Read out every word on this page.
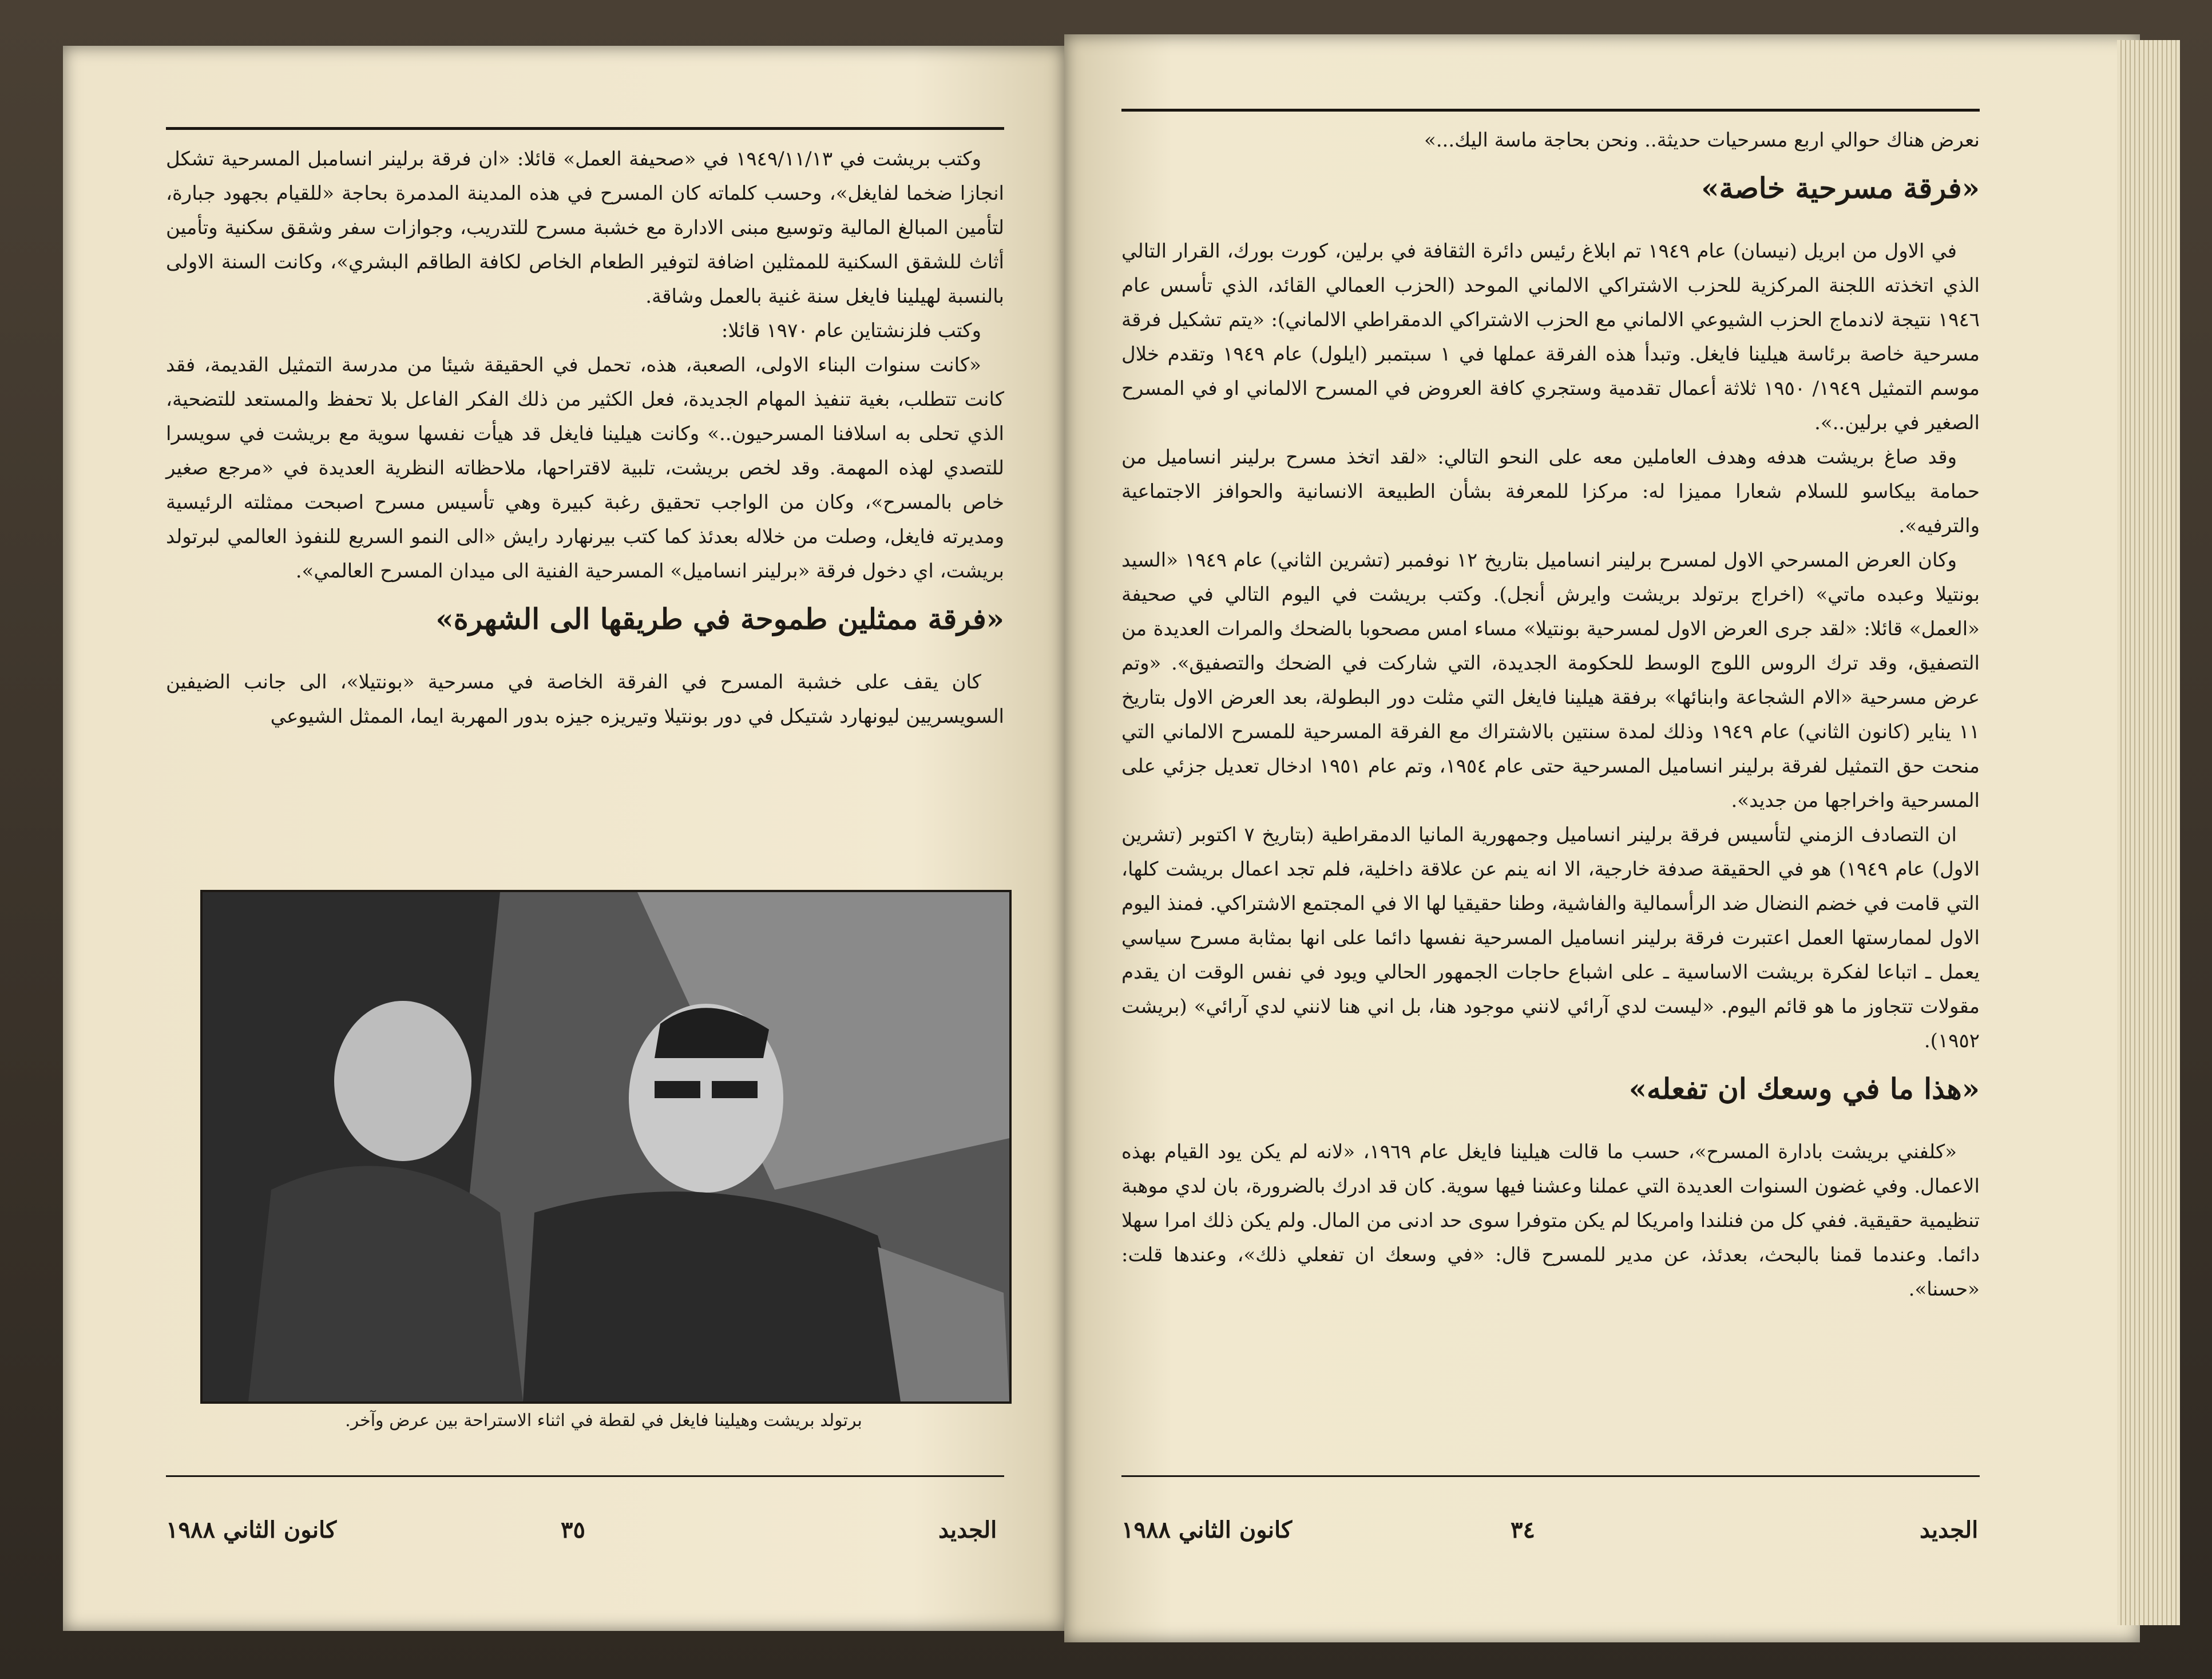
وكتب بريشت في ١٩٤٩/١١/١٣ في «صحيفة العمل» قائلا: «ان فرقة برلينر انسامبل المسرحية تشكل انجازا ضخما لفايغل»، وحسب كلماته كان المسرح في هذه المدينة المدمرة بحاجة «للقيام بجهود جبارة، لتأمين المبالغ المالية وتوسيع مبنى الادارة مع خشبة مسرح للتدريب، وجوازات سفر وشقق سكنية وتأمين أثاث للشقق السكنية للممثلين اضافة لتوفير الطعام الخاص لكافة الطاقم البشري»، وكانت السنة الاولى بالنسبة لهيلينا فايغل سنة غنية بالعمل وشاقة.

وكتب فلزنشتاين عام ١٩٧٠ قائلا:

«كانت سنوات البناء الاولى، الصعبة، هذه، تحمل في الحقيقة شيئا من مدرسة التمثيل القديمة، فقد كانت تتطلب، بغية تنفيذ المهام الجديدة، فعل الكثير من ذلك الفكر الفاعل بلا تحفظ والمستعد للتضحية، الذي تحلى به اسلافنا المسرحيون..» وكانت هيلينا فايغل قد هيأت نفسها سوية مع بريشت في سويسرا للتصدي لهذه المهمة. وقد لخص بريشت، تلبية لاقتراحها، ملاحظاته النظرية العديدة في «مرجع صغير خاص بالمسرح»، وكان من الواجب تحقيق رغبة كبيرة وهي تأسيس مسرح اصبحت ممثلته الرئيسية ومديرته فايغل، وصلت من خلاله بعدئذ كما كتب بيرنهارد رايش «الى النمو السريع للنفوذ العالمي لبرتولد بريشت، اي دخول فرقة «برلينر انساميل» المسرحية الفنية الى ميدان المسرح العالمي».

«فرقة ممثلين طموحة في طريقها الى الشهرة»

كان يقف على خشبة المسرح في الفرقة الخاصة في مسرحية «بونتيلا»، الى جانب الضيفين السويسريين ليونهارد شتيكل في دور بونتيلا وتيريزه جيزه بدور المهربة ايما، الممثل الشيوعي

برتولد بريشت وهيلينا فايغل في لقطة في اثناء الاستراحة بين عرض وآخر.
الجديد
٣٥
كانون الثاني ١٩٨٨

نعرض هناك حوالي اربع مسرحيات حديثة.. ونحن بحاجة ماسة اليك...»

«فرقة مسرحية خاصة»

في الاول من ابريل (نيسان) عام ١٩٤٩ تم ابلاغ رئيس دائرة الثقافة في برلين، كورت بورك، القرار التالي الذي اتخذته اللجنة المركزية للحزب الاشتراكي الالماني الموحد (الحزب العمالي القائد، الذي تأسس عام ١٩٤٦ نتيجة لاندماج الحزب الشيوعي الالماني مع الحزب الاشتراكي الدمقراطي الالماني): «يتم تشكيل فرقة مسرحية خاصة برئاسة هيلينا فايغل. وتبدأ هذه الفرقة عملها في ١ سبتمبر (ايلول) عام ١٩٤٩ وتقدم خلال موسم التمثيل ١٩٤٩/ ١٩٥٠ ثلاثة أعمال تقدمية وستجري كافة العروض في المسرح الالماني او في المسرح الصغير في برلين..».

وقد صاغ بريشت هدفه وهدف العاملين معه على النحو التالي: «لقد اتخذ مسرح برلينر انساميل من حمامة بيكاسو للسلام شعارا مميزا له: مركزا للمعرفة بشأن الطبيعة الانسانية والحوافز الاجتماعية والترفيه».

وكان العرض المسرحي الاول لمسرح برلينر انساميل بتاريخ ١٢ نوفمبر (تشرين الثاني) عام ١٩٤٩ «السيد بونتيلا وعبده ماتي» (اخراج برتولد بريشت وايرش أنجل). وكتب بريشت في اليوم التالي في صحيفة «العمل» قائلا: «لقد جرى العرض الاول لمسرحية بونتيلا» مساء امس مصحوبا بالضحك والمرات العديدة من التصفيق، وقد ترك الروس اللوج الوسط للحكومة الجديدة، التي شاركت في الضحك والتصفيق». «وتم عرض مسرحية «الام الشجاعة وابنائها» برفقة هيلينا فايغل التي مثلت دور البطولة، بعد العرض الاول بتاريخ ١١ يناير (كانون الثاني) عام ١٩٤٩ وذلك لمدة سنتين بالاشتراك مع الفرقة المسرحية للمسرح الالماني التي منحت حق التمثيل لفرقة برلينر انساميل المسرحية حتى عام ١٩٥٤، وتم عام ١٩٥١ ادخال تعديل جزئي على المسرحية واخراجها من جديد».

ان التصادف الزمني لتأسيس فرقة برلينر انساميل وجمهورية المانيا الدمقراطية (بتاريخ ٧ اكتوبر (تشرين الاول) عام ١٩٤٩) هو في الحقيقة صدفة خارجية، الا انه ينم عن علاقة داخلية، فلم تجد اعمال بريشت كلها، التي قامت في خضم النضال ضد الرأسمالية والفاشية، وطنا حقيقيا لها الا في المجتمع الاشتراكي. فمنذ اليوم الاول لممارستها العمل اعتبرت فرقة برلينر انساميل المسرحية نفسها دائما على انها بمثابة مسرح سياسي يعمل ـ اتباعا لفكرة بريشت الاساسية ـ على اشباع حاجات الجمهور الحالي ويود في نفس الوقت ان يقدم مقولات تتجاوز ما هو قائم اليوم. «ليست لدي آرائي لانني موجود هنا، بل اني هنا لانني لدي آرائي» (بريشت ١٩٥٢).

«هذا ما في وسعك ان تفعله»

«كلفني بريشت بادارة المسرح»، حسب ما قالت هيلينا فايغل عام ١٩٦٩، «لانه لم يكن يود القيام بهذه الاعمال. وفي غضون السنوات العديدة التي عملنا وعشنا فيها سوية. كان قد ادرك بالضرورة، بان لدي موهبة تنظيمية حقيقية. ففي كل من فنلندا وامريكا لم يكن متوفرا سوى حد ادنى من المال. ولم يكن ذلك امرا سهلا دائما. وعندما قمنا بالبحث، بعدئذ، عن مدير للمسرح قال: «في وسعك ان تفعلي ذلك»، وعندها قلت: «حسنا».

الجديد
٣٤
كانون الثاني ١٩٨٨
